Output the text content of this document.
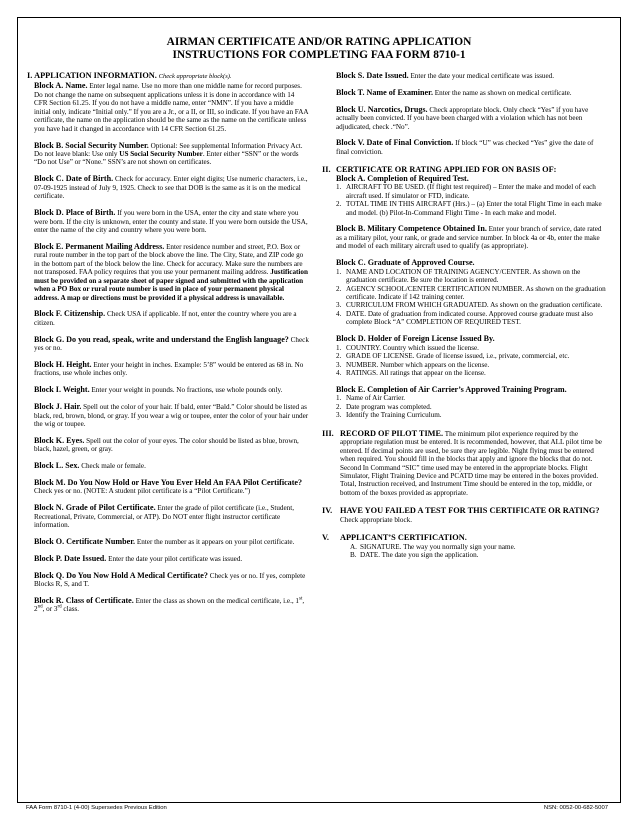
AIRMAN CERTIFICATE AND/OR RATING APPLICATION
INSTRUCTIONS FOR COMPLETING FAA FORM 8710-1
I. APPLICATION INFORMATION. Check appropriate block(s).

Block A. Name. Enter legal name. Use no more than one middle name for record purposes. Do not change the name on subsequent applications unless it is done in accordance with 14 CFR Section 61.25. If you do not have a middle name, enter “NMN”. If you have a middle initial only, indicate “Initial only.” If you are a Jr., or a II, or III, so indicate. If you have an FAA certificate, the name on the application should be the same as the name on the certificate unless you have had it changed in accordance with 14 CFR Section 61.25.

Block B. Social Security Number. Optional: See supplemental Information Privacy Act. Do not leave blank: Use only US Social Security Number. Enter either “SSN” or the words “Do not Use” or “None.” SSN’s are not shown on certificates.

Block C. Date of Birth. Check for accuracy. Enter eight digits; Use numeric characters, i.e., 07-09-1925 instead of July 9, 1925. Check to see that DOB is the same as it is on the medical certificate.

Block D. Place of Birth. If you were born in the USA, enter the city and state where you were born. If the city is unknown, enter the county and state. If you were born outside the USA, enter the name of the city and country where you were born.

Block E. Permanent Mailing Address. Enter residence number and street, P.O. Box or rural route number in the top part of the block above the line. The City, State, and ZIP code go in the bottom part of the block below the line. Check for accuracy. Make sure the numbers are not transposed. FAA policy requires that you use your permanent mailing address. Justification must be provided on a separate sheet of paper signed and submitted with the application when a PO Box or rural route number is used in place of your permanent physical address. A map or directions must be provided if a physical address is unavailable.

Block F. Citizenship. Check USA if applicable. If not, enter the country where you are a citizen.

Block G. Do you read, speak, write and understand the English language? Check yes or no.

Block H. Height. Enter your height in inches. Example: 5’8” would be entered as 68 in. No fractions, use whole inches only.

Block I. Weight. Enter your weight in pounds. No fractions, use whole pounds only.

Block J. Hair. Spell out the color of your hair. If bald, enter “Bald.” Color should be listed as black, red, brown, blond, or gray. If you wear a wig or toupee, enter the color of your hair under the wig or toupee.

Block K. Eyes. Spell out the color of your eyes. The color should be listed as blue, brown, black, hazel, green, or gray.

Block L. Sex. Check male or female.

Block M. Do You Now Hold or Have You Ever Held An FAA Pilot Certificate? Check yes or no. (NOTE: A student pilot certificate is a “Pilot Certificate.”)

Block N. Grade of Pilot Certificate. Enter the grade of pilot certificate (i.e., Student, Recreational, Private, Commercial, or ATP). Do NOT enter flight instructor certificate information.

Block O. Certificate Number. Enter the number as it appears on your pilot certificate.

Block P. Date Issued. Enter the date your pilot certificate was issued.

Block Q. Do You Now Hold A Medical Certificate? Check yes or no. If yes, complete Blocks R, S, and T.

Block R. Class of Certificate. Enter the class as shown on the medical certificate, i.e., 1st, 2nd, or 3rd class.

Block S. Date Issued. Enter the date your medical certificate was issued.

Block T. Name of Examiner. Enter the name as shown on medical certificate.

Block U. Narcotics, Drugs. Check appropriate block. Only check “Yes” if you have actually been convicted. If you have been charged with a violation which has not been adjudicated, check .“No”.

Block V. Date of Final Conviction. If block “U” was checked “Yes” give the date of final conviction.

II. CERTIFICATE OR RATING APPLIED FOR ON BASIS OF:

Block A. Completion of Required Test.

1. AIRCRAFT TO BE USED. (If flight test required) – Enter the make and model of each aircraft used. If simulator or FTD, indicate.
2. TOTAL TIME IN THIS AIRCRAFT (Hrs.) – (a) Enter the total Flight Time in each make and model. (b) Pilot-In-Command Flight Time - In each make and model.

Block B. Military Competence Obtained In. Enter your branch of service, date rated as a military pilot, your rank, or grade and service number. In block 4a or 4b, enter the make and model of each military aircraft used to qualify (as appropriate).

Block C. Graduate of Approved Course.

1. NAME AND LOCATION OF TRAINING AGENCY/CENTER. As shown on the graduation certificate. Be sure the location is entered.
2. AGENCY SCHOOL/CENTER CERTIFICATION NUMBER. As shown on the graduation certificate. Indicate if 142 training center.
3. CURRICULUM FROM WHICH GRADUATED. As shown on the graduation certificate.
4. DATE. Date of graduation from indicated course. Approved course graduate must also complete Block “A” COMPLETION OF REQUIRED TEST.

Block D. Holder of Foreign License Issued By.

1. COUNTRY. Country which issued the license.
2. GRADE OF LICENSE. Grade of license issued, i.e., private, commercial, etc.
3. NUMBER. Number which appears on the license.
4. RATINGS. All ratings that appear on the license.

Block E. Completion of Air Carrier’s Approved Training Program.

1. Name of Air Carrier.
2. Date program was completed.
3. Identify the Training Curriculum.
III. RECORD OF PILOT TIME. The minimum pilot experience required by the appropriate regulation must be entered. It is recommended, however, that ALL pilot time be entered. If decimal points are used, be sure they are legible. Night flying must be entered when required. You should fill in the blocks that apply and ignore the blocks that do not. Second In Command “SIC” time used may be entered in the appropriate blocks. Flight Simulator, Flight Training Device and PCATD time may be entered in the boxes provided. Total, Instruction received, and Instrument Time should be entered in the top, middle, or bottom of the boxes provided as appropriate.
IV. HAVE YOU FAILED A TEST FOR THIS CERTIFICATE OR RATING? Check appropriate block.
V.	APPLICANT’S CERTIFICATION.
A. SIGNATURE. The way you normally sign your name.
B. DATE. The date you sign the application.
FAA Form 8710-1 (4-00) Supersedes Previous Edition	NSN: 0052-00-682-5007
